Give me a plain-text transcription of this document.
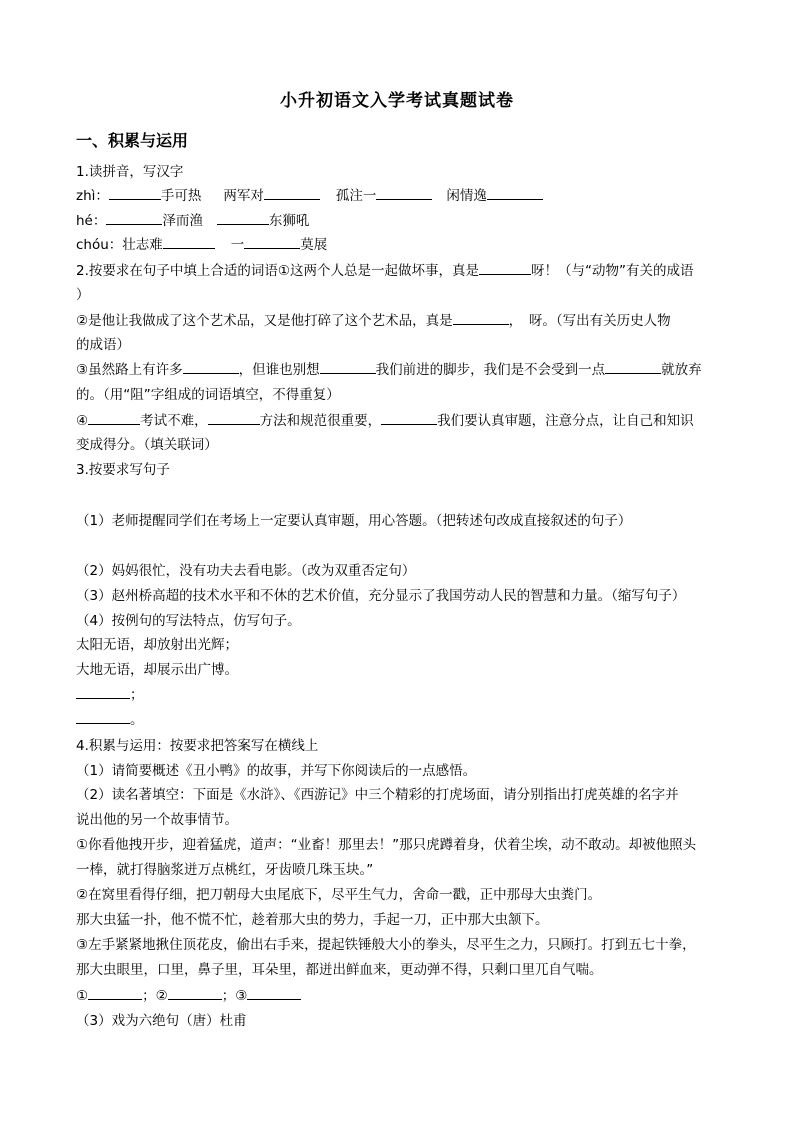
小升初语文入学考试真题试卷
一、积累与运用
1.读拼音，写汉字
zhì：	手可热 两军对	孤注一	闲情逸
hé：	泽而渔	东狮吼
chóu：壮志难	一	莫展
2.按要求在句子中填上合适的词语①这两个人总是一起做坏事，真是	呀！（与“动物”有关的成语
）
②是他让我做成了这个艺术品，又是他打碎了这个艺术品，真是	，　呀。（写出有关历史人物
的成语）
③虽然路上有许多	，但谁也别想	我们前进的脚步，我们是不会受到一点	就放弃
的。（用“阻”字组成的词语填空，不得重复）
④	考试不难，	方法和规范很重要，	我们要认真审题，注意分点，让自己和知识
变成得分。（填关联词）
3.按要求写句子
（1）老师提醒同学们在考场上一定要认真审题，用心答题。（把转述句改成直接叙述的句子）
（2）妈妈很忙，没有功夫去看电影。（改为双重否定句）
（3）赵州桥高超的技术水平和不休的艺术价值，充分显示了我国劳动人民的智慧和力量。（缩写句子）
（4）按例句的写法特点，仿写句子。
太阳无语，却放射出光辉；
大地无语，却展示出广博。
；
。
4.积累与运用：按要求把答案写在横线上
（1）请简要概述《丑小鸭》的故事，并写下你阅读后的一点感悟。
（2）读名著填空：下面是《水浒》、《西游记》中三个精彩的打虎场面，请分别指出打虎英雄的名字并
说出他的另一个故事情节。
①你看他拽开步，迎着猛虎，道声：“业畜！那里去！”那只虎蹲着身，伏着尘埃，动不敢动。却被他照头
一棒，就打得脑浆迸万点桃红，牙齿喷几珠玉块。”
②在窝里看得仔细，把刀朝母大虫尾底下，尽平生气力，舍命一戳，正中那母大虫粪门。
那大虫猛一扑，他不慌不忙，趁着那大虫的势力，手起一刀，正中那大虫颔下。
③左手紧紧地揪住顶花皮，偷出右手来，提起铁锤般大小的拳头，尽平生之力，只顾打。打到五七十拳，
那大虫眼里，口里，鼻子里，耳朵里，都迸出鲜血来，更动弹不得，只剩口里兀自气喘。
①	；②	；③
（3）戏为六绝句（唐）杜甫
